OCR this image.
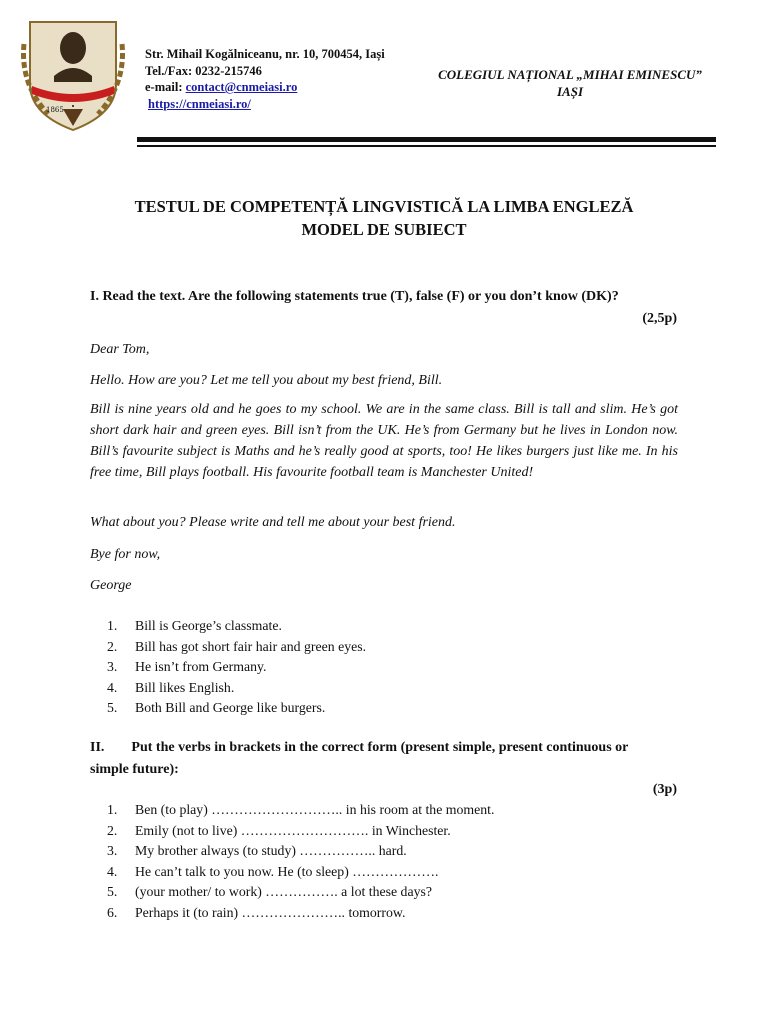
1865
Str. Mihail Kogălniceanu, nr. 10, 700454, Iași
Tel./Fax: 0232-215746
e-mail: contact@cnmeiasi.ro
https://cnmeiasi.ro/
COLEGIUL NAȚIONAL „MIHAI EMINESCU”
IAȘI
TESTUL DE COMPETENȚĂ LINGVISTICĂ LA LIMBA ENGLEZĂ
MODEL DE SUBIECT
I. Read the text. Are the following statements true (T), false (F) or you don’t know (DK)?
(2,5p)
Dear Tom,
Hello. How are you? Let me tell you about my best friend, Bill.
Bill is nine years old and he goes to my school. We are in the same class. Bill is tall and slim. He’s got short dark hair and green eyes. Bill isn’t from the UK. He’s from Germany but he lives in London now. Bill’s favourite subject is Maths and he’s really good at sports, too! He likes burgers just like me. In his free time, Bill plays football. His favourite football team is Manchester United!
What about you? Please write and tell me about your best friend.
Bye for now,
George
1. Bill is George’s classmate.
2. Bill has got short fair hair and green eyes.
3. He isn’t from Germany.
4. Bill likes English.
5. Both Bill and George like burgers.
II. Put the verbs in brackets in the correct form (present simple, present continuous or
simple future):
(3p)
1. Ben (to play) ……………………….. in his room at the moment.
2. Emily (not to live) ………………………. in Winchester.
3. My brother always (to study) …………….. hard.
4. He can’t talk to you now. He (to sleep) ……………….
5. (your mother/ to work) ……………. a lot these days?
6. Perhaps it (to rain) ………………….. tomorrow.
